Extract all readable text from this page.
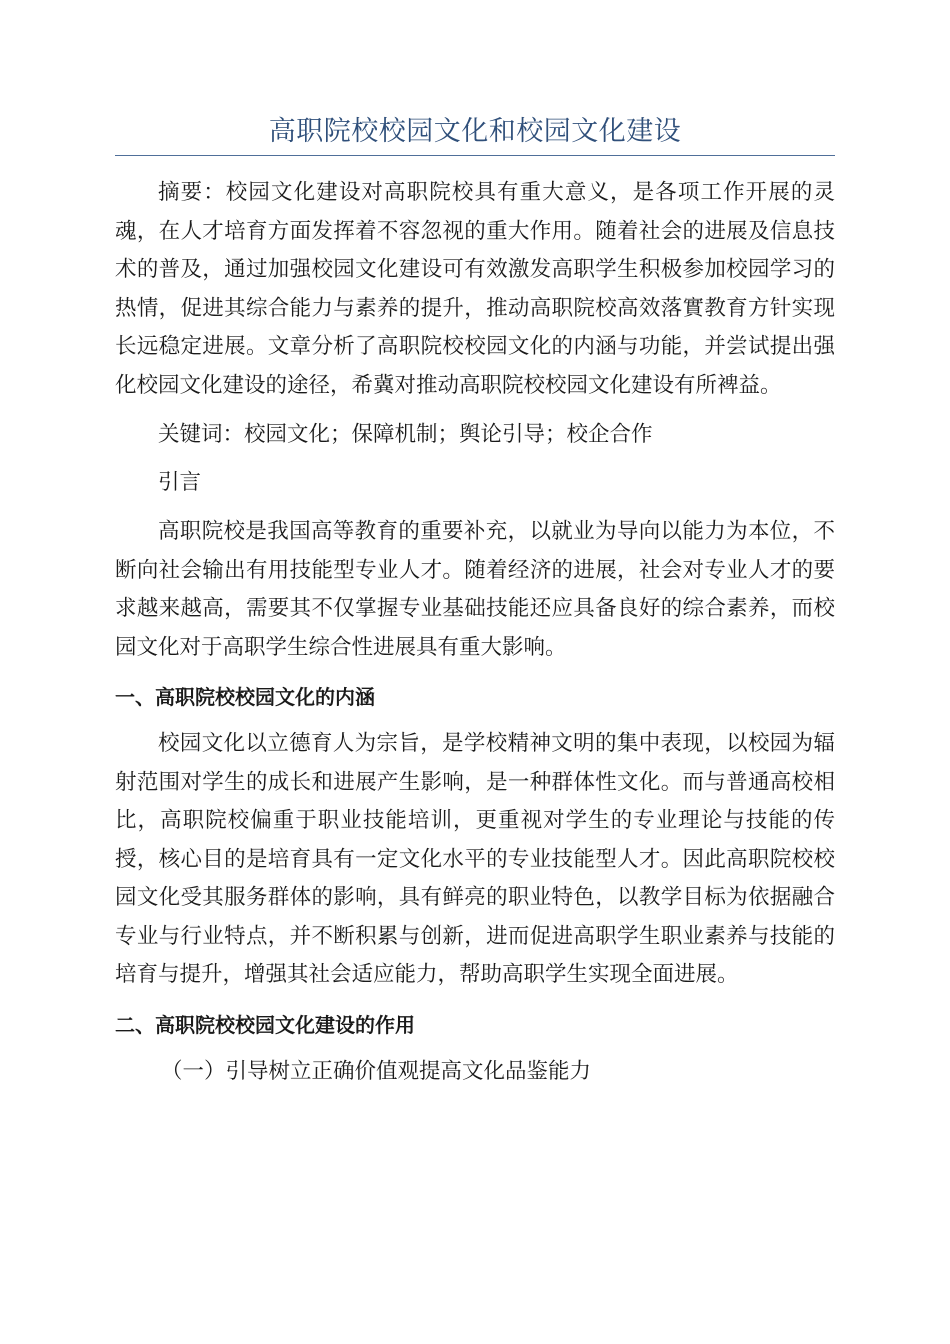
高职院校校园文化和校园文化建设

摘要：校园文化建设对高职院校具有重大意义，是各项工作开展的灵魂，在人才培育方面发挥着不容忽视的重大作用。随着社会的进展及信息技术的普及，通过加强校园文化建设可有效激发高职学生积极参加校园学习的热情，促进其综合能力与素养的提升，推动高职院校高效落實教育方针实现长远稳定进展。文章分析了高职院校校园文化的内涵与功能，并尝试提出强化校园文化建设的途径，希冀对推动高职院校校园文化建设有所裨益。

关键词：校园文化；保障机制；舆论引导；校企合作

引言

高职院校是我国高等教育的重要补充，以就业为导向以能力为本位，不断向社会输出有用技能型专业人才。随着经济的进展，社会对专业人才的要求越来越高，需要其不仅掌握专业基础技能还应具备良好的综合素养，而校园文化对于高职学生综合性进展具有重大影响。

一、高职院校校园文化的内涵

校园文化以立德育人为宗旨，是学校精神文明的集中表现，以校园为辐射范围对学生的成长和进展产生影响，是一种群体性文化。而与普通高校相比，高职院校偏重于职业技能培训，更重视对学生的专业理论与技能的传授，核心目的是培育具有一定文化水平的专业技能型人才。因此高职院校校园文化受其服务群体的影响，具有鲜亮的职业特色，以教学目标为依据融合专业与行业特点，并不断积累与创新，进而促进高职学生职业素养与技能的培育与提升，增强其社会适应能力，帮助高职学生实现全面进展。

二、高职院校校园文化建设的作用

（一）引导树立正确价值观提高文化品鉴能力
